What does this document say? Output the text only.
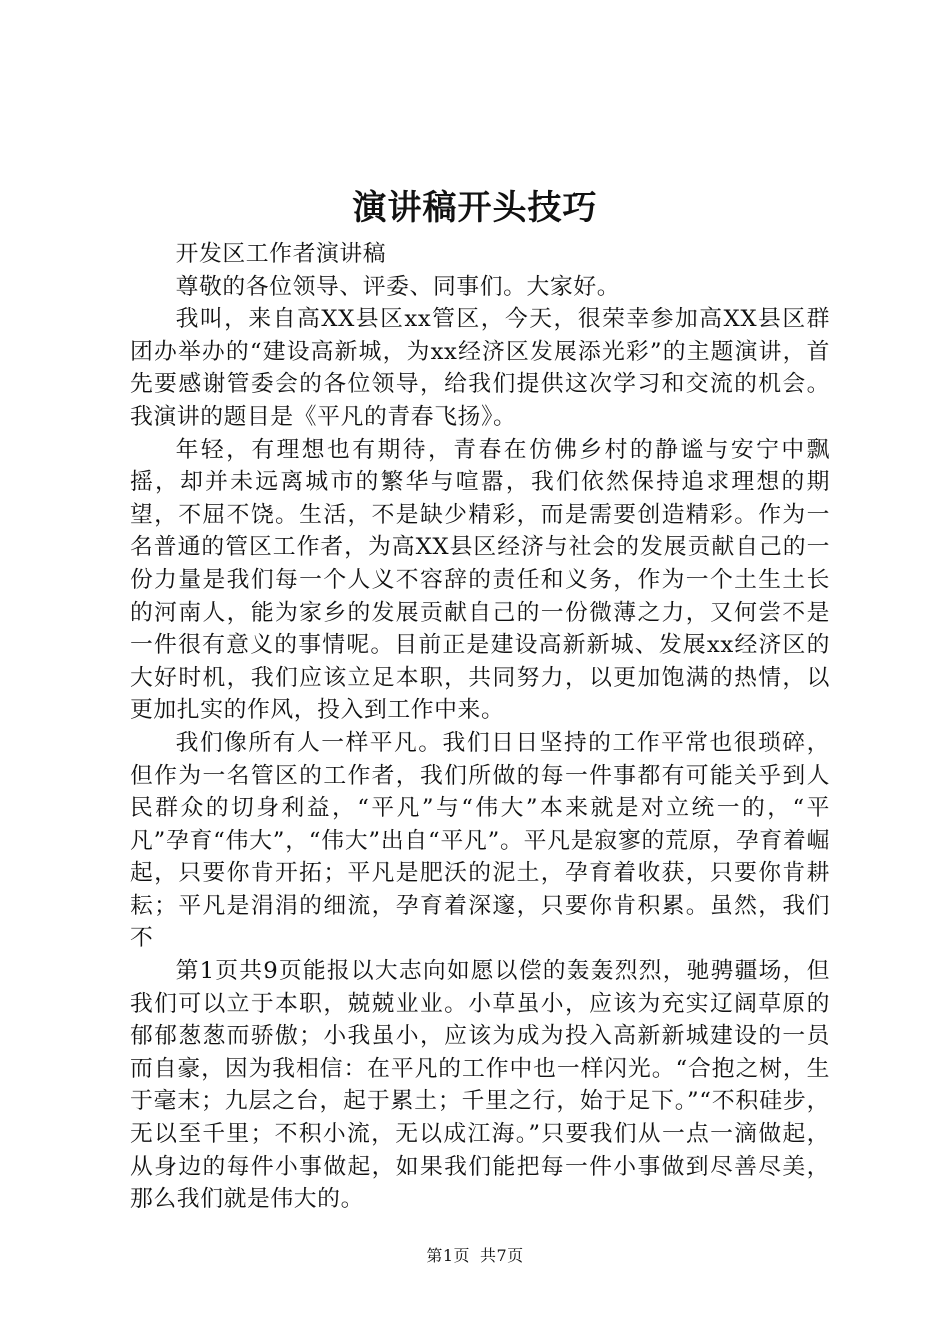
演讲稿开头技巧

开发区工作者演讲稿

尊敬的各位领导、评委、同事们。大家好。

我叫，来自高XX县区xx管区，今天，很荣幸参加高XX县区群团办举办的“建设高新城，为xx经济区发展添光彩”的主题演讲，首先要感谢管委会的各位领导，给我们提供这次学习和交流的机会。我演讲的题目是《平凡的青春飞扬》。

年轻，有理想也有期待，青春在仿佛乡村的静谧与安宁中飘摇，却并未远离城市的繁华与喧嚣，我们依然保持追求理想的期望，不屈不饶。生活，不是缺少精彩，而是需要创造精彩。作为一名普通的管区工作者，为高XX县区经济与社会的发展贡献自己的一份力量是我们每一个人义不容辞的责任和义务，作为一个土生土长的河南人，能为家乡的发展贡献自己的一份微薄之力，又何尝不是一件很有意义的事情呢。目前正是建设高新新城、发展xx经济区的大好时机，我们应该立足本职，共同努力，以更加饱满的热情，以更加扎实的作风，投入到工作中来。

我们像所有人一样平凡。我们日日坚持的工作平常也很琐碎，但作为一名管区的工作者，我们所做的每一件事都有可能关乎到人民群众的切身利益，“平凡”与“伟大”本来就是对立统一的，“平凡”孕育“伟大”，“伟大”出自“平凡”。平凡是寂寥的荒原，孕育着崛起，只要你肯开拓；平凡是肥沃的泥土，孕育着收获，只要你肯耕耘；平凡是涓涓的细流，孕育着深邃，只要你肯积累。虽然，我们不

第1页共9页能报以大志向如愿以偿的轰轰烈烈，驰骋疆场，但我们可以立于本职，兢兢业业。小草虽小，应该为充实辽阔草原的郁郁葱葱而骄傲；小我虽小，应该为成为投入高新新城建设的一员而自豪，因为我相信：在平凡的工作中也一样闪光。“合抱之树，生于毫末；九层之台，起于累土；千里之行，始于足下。”“不积硅步，无以至千里；不积小流，无以成江海。”只要我们从一点一滴做起，从身边的每件小事做起，如果我们能把每一件小事做到尽善尽美，那么我们就是伟大的。

第1页 共7页
